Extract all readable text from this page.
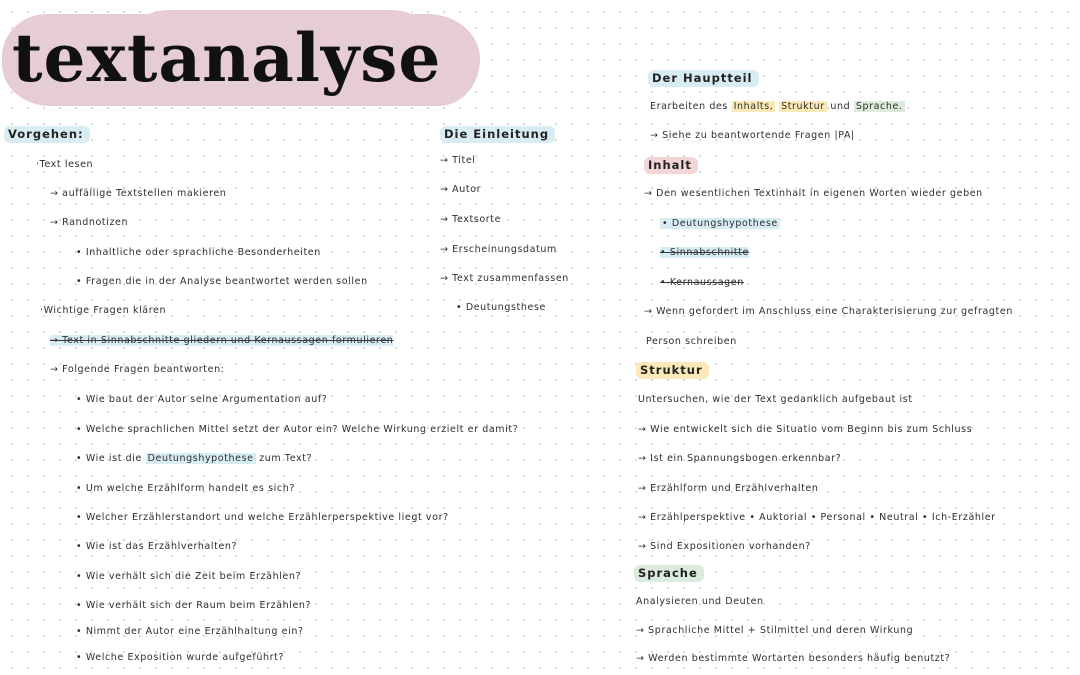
textanalyse
Vorgehen:
·Text lesen
→ auffällige Textstellen makieren
→ Randnotizen
• Inhaltliche oder sprachliche Besonderheiten
• Fragen die in der Analyse beantwortet werden sollen
·Wichtige Fragen klären
→ Text in Sinnabschnitte gliedern und Kernaussagen formulieren
→ Folgende Fragen beantworten:
• Wie baut der Autor seine Argumentation auf?
• Welche sprachlichen Mittel setzt der Autor ein? Welche Wirkung erzielt er damit?
• Wie ist die Deutungshypothese zum Text?
• Um welche Erzählform handelt es sich?
• Welcher Erzählerstandort und welche Erzählerperspektive liegt vor?
• Wie ist das Erzählverhalten?
• Wie verhält sich die Zeit beim Erzählen?
• Wie verhält sich der Raum beim Erzählen?
• Nimmt der Autor eine Erzählhaltung ein?
• Welche Exposition wurde aufgeführt?
Die Einleitung
→ Titel
→ Autor
→ Textsorte
→ Erscheinungsdatum
→ Text zusammenfassen
• Deutungsthese
Der Hauptteil
Erarbeiten des Inhalts, Struktur und Sprache.
→ Siehe zu beantwortende Fragen |PA|
Inhalt
→ Den wesentlichen Textinhalt in eigenen Worten wieder geben
• Deutungshypothese
• Sinnabschnitte
• Kernaussagen
→ Wenn gefordert im Anschluss eine Charakterisierung zur gefragten
Person schreiben
Struktur
Untersuchen, wie der Text gedanklich aufgebaut ist
→ Wie entwickelt sich die Situatio vom Beginn bis zum Schluss
→ Ist ein Spannungsbogen erkennbar?
→ Erzählform und Erzählverhalten
→ Erzählperspektive • Auktorial • Personal • Neutral • Ich-Erzähler
→ Sind Expositionen vorhanden?
Sprache
Analysieren und Deuten
→ Sprachliche Mittel + Stilmittel und deren Wirkung
→ Werden bestimmte Wortarten besonders häufig benutzt?
